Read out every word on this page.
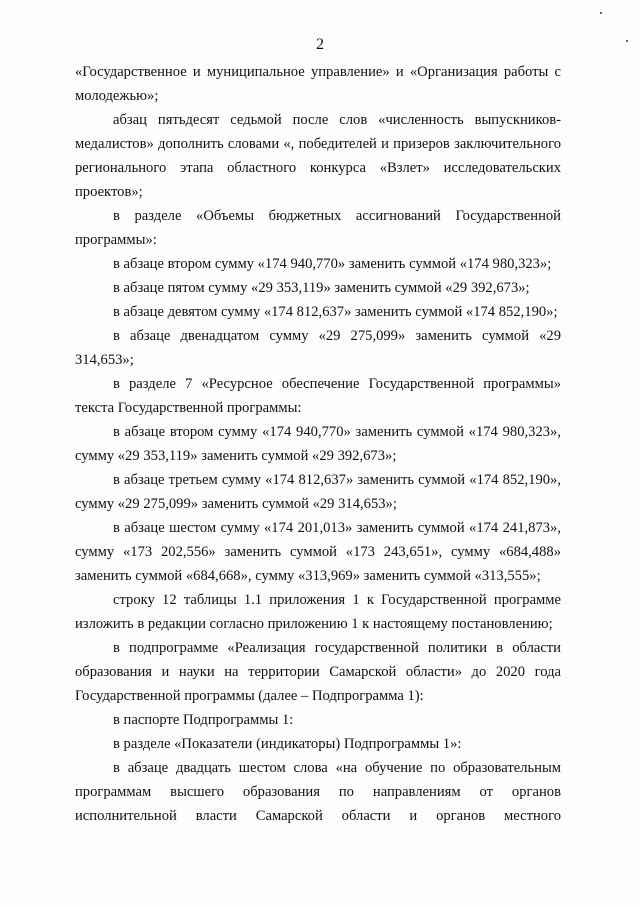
2

«Государственное и муниципальное управление» и «Организация работы с молодежью»;

абзац пятьдесят седьмой после слов «численность выпускников-медалистов» дополнить словами «, победителей и призеров заключительного регионального этапа областного конкурса «Взлет» исследовательских проектов»;

в разделе «Объемы бюджетных ассигнований Государственной программы»:

в абзаце втором сумму «174 940,770» заменить суммой «174 980,323»;

в абзаце пятом сумму «29 353,119» заменить суммой «29 392,673»;

в абзаце девятом сумму «174 812,637» заменить суммой «174 852,190»;

в абзаце двенадцатом сумму «29 275,099» заменить суммой «29 314,653»;

в разделе 7 «Ресурсное обеспечение Государственной программы» текста Государственной программы:

в абзаце втором сумму «174 940,770» заменить суммой «174 980,323», сумму «29 353,119» заменить суммой «29 392,673»;

в абзаце третьем сумму «174 812,637» заменить суммой «174 852,190», сумму «29 275,099» заменить суммой «29 314,653»;

в абзаце шестом сумму «174 201,013» заменить суммой «174 241,873», сумму «173 202,556» заменить суммой «173 243,651», сумму «684,488» заменить суммой «684,668», сумму «313,969» заменить суммой «313,555»;

строку 12 таблицы 1.1 приложения 1 к Государственной программе изложить в редакции согласно приложению 1 к настоящему постановлению;

в подпрограмме «Реализация государственной политики в области образования и науки на территории Самарской области» до 2020 года Государственной программы (далее – Подпрограмма 1):

в паспорте Подпрограммы 1:

в разделе «Показатели (индикаторы) Подпрограммы 1»:

в абзаце двадцать шестом слова «на обучение по образовательным программам высшего образования по направлениям от органов исполнительной власти Самарской области и органов местного
